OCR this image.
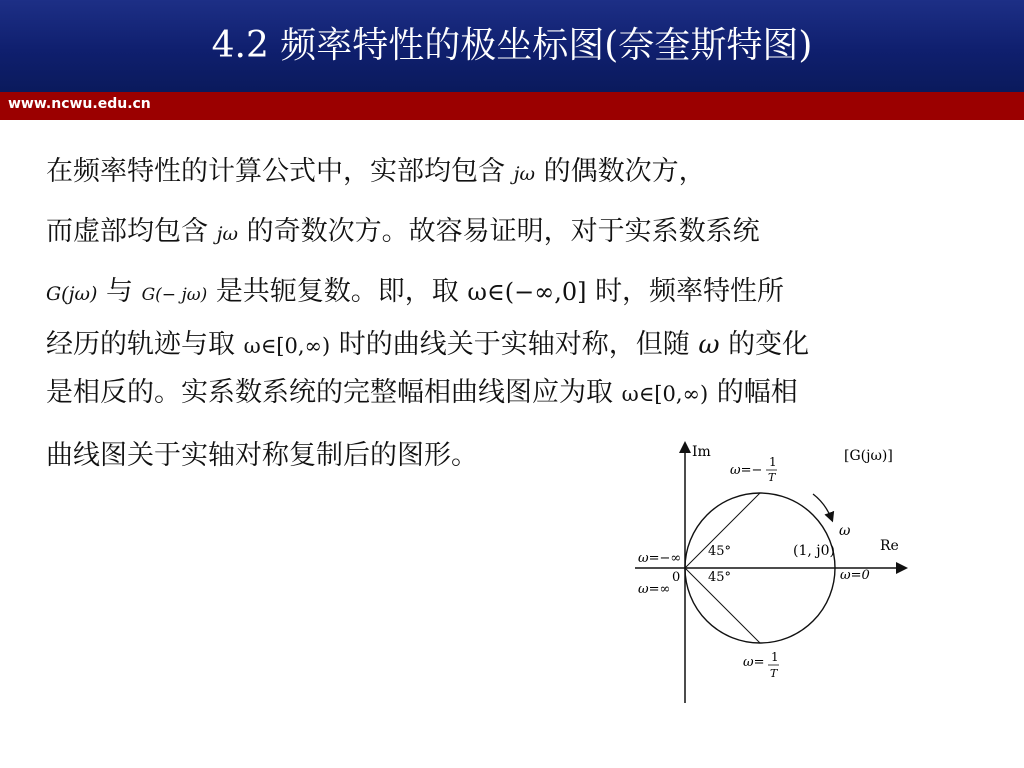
4.2 频率特性的极坐标图(奈奎斯特图)
www.ncwu.edu.cn
在频率特性的计算公式中，实部均包含 jω 的偶数次方，
而虚部均包含 jω 的奇数次方。故容易证明，对于实系数系统
G(jω) 与 G(− jω) 是共轭复数。即，取 ω∈(−∞,0] 时，频率特性所
经历的轨迹与取 ω∈[0,∞) 时的曲线关于实轴对称，但随 ω 的变化
是相反的。实系数系统的完整幅相曲线图应为取 ω∈[0,∞) 的幅相
曲线图关于实轴对称复制后的图形。	Im
Re
[G(jω)]
ω=−
1
T
ω= 1
T
ω=−∞
0
ω=∞
45°
45°
(1, j0)
ω=0
ω
